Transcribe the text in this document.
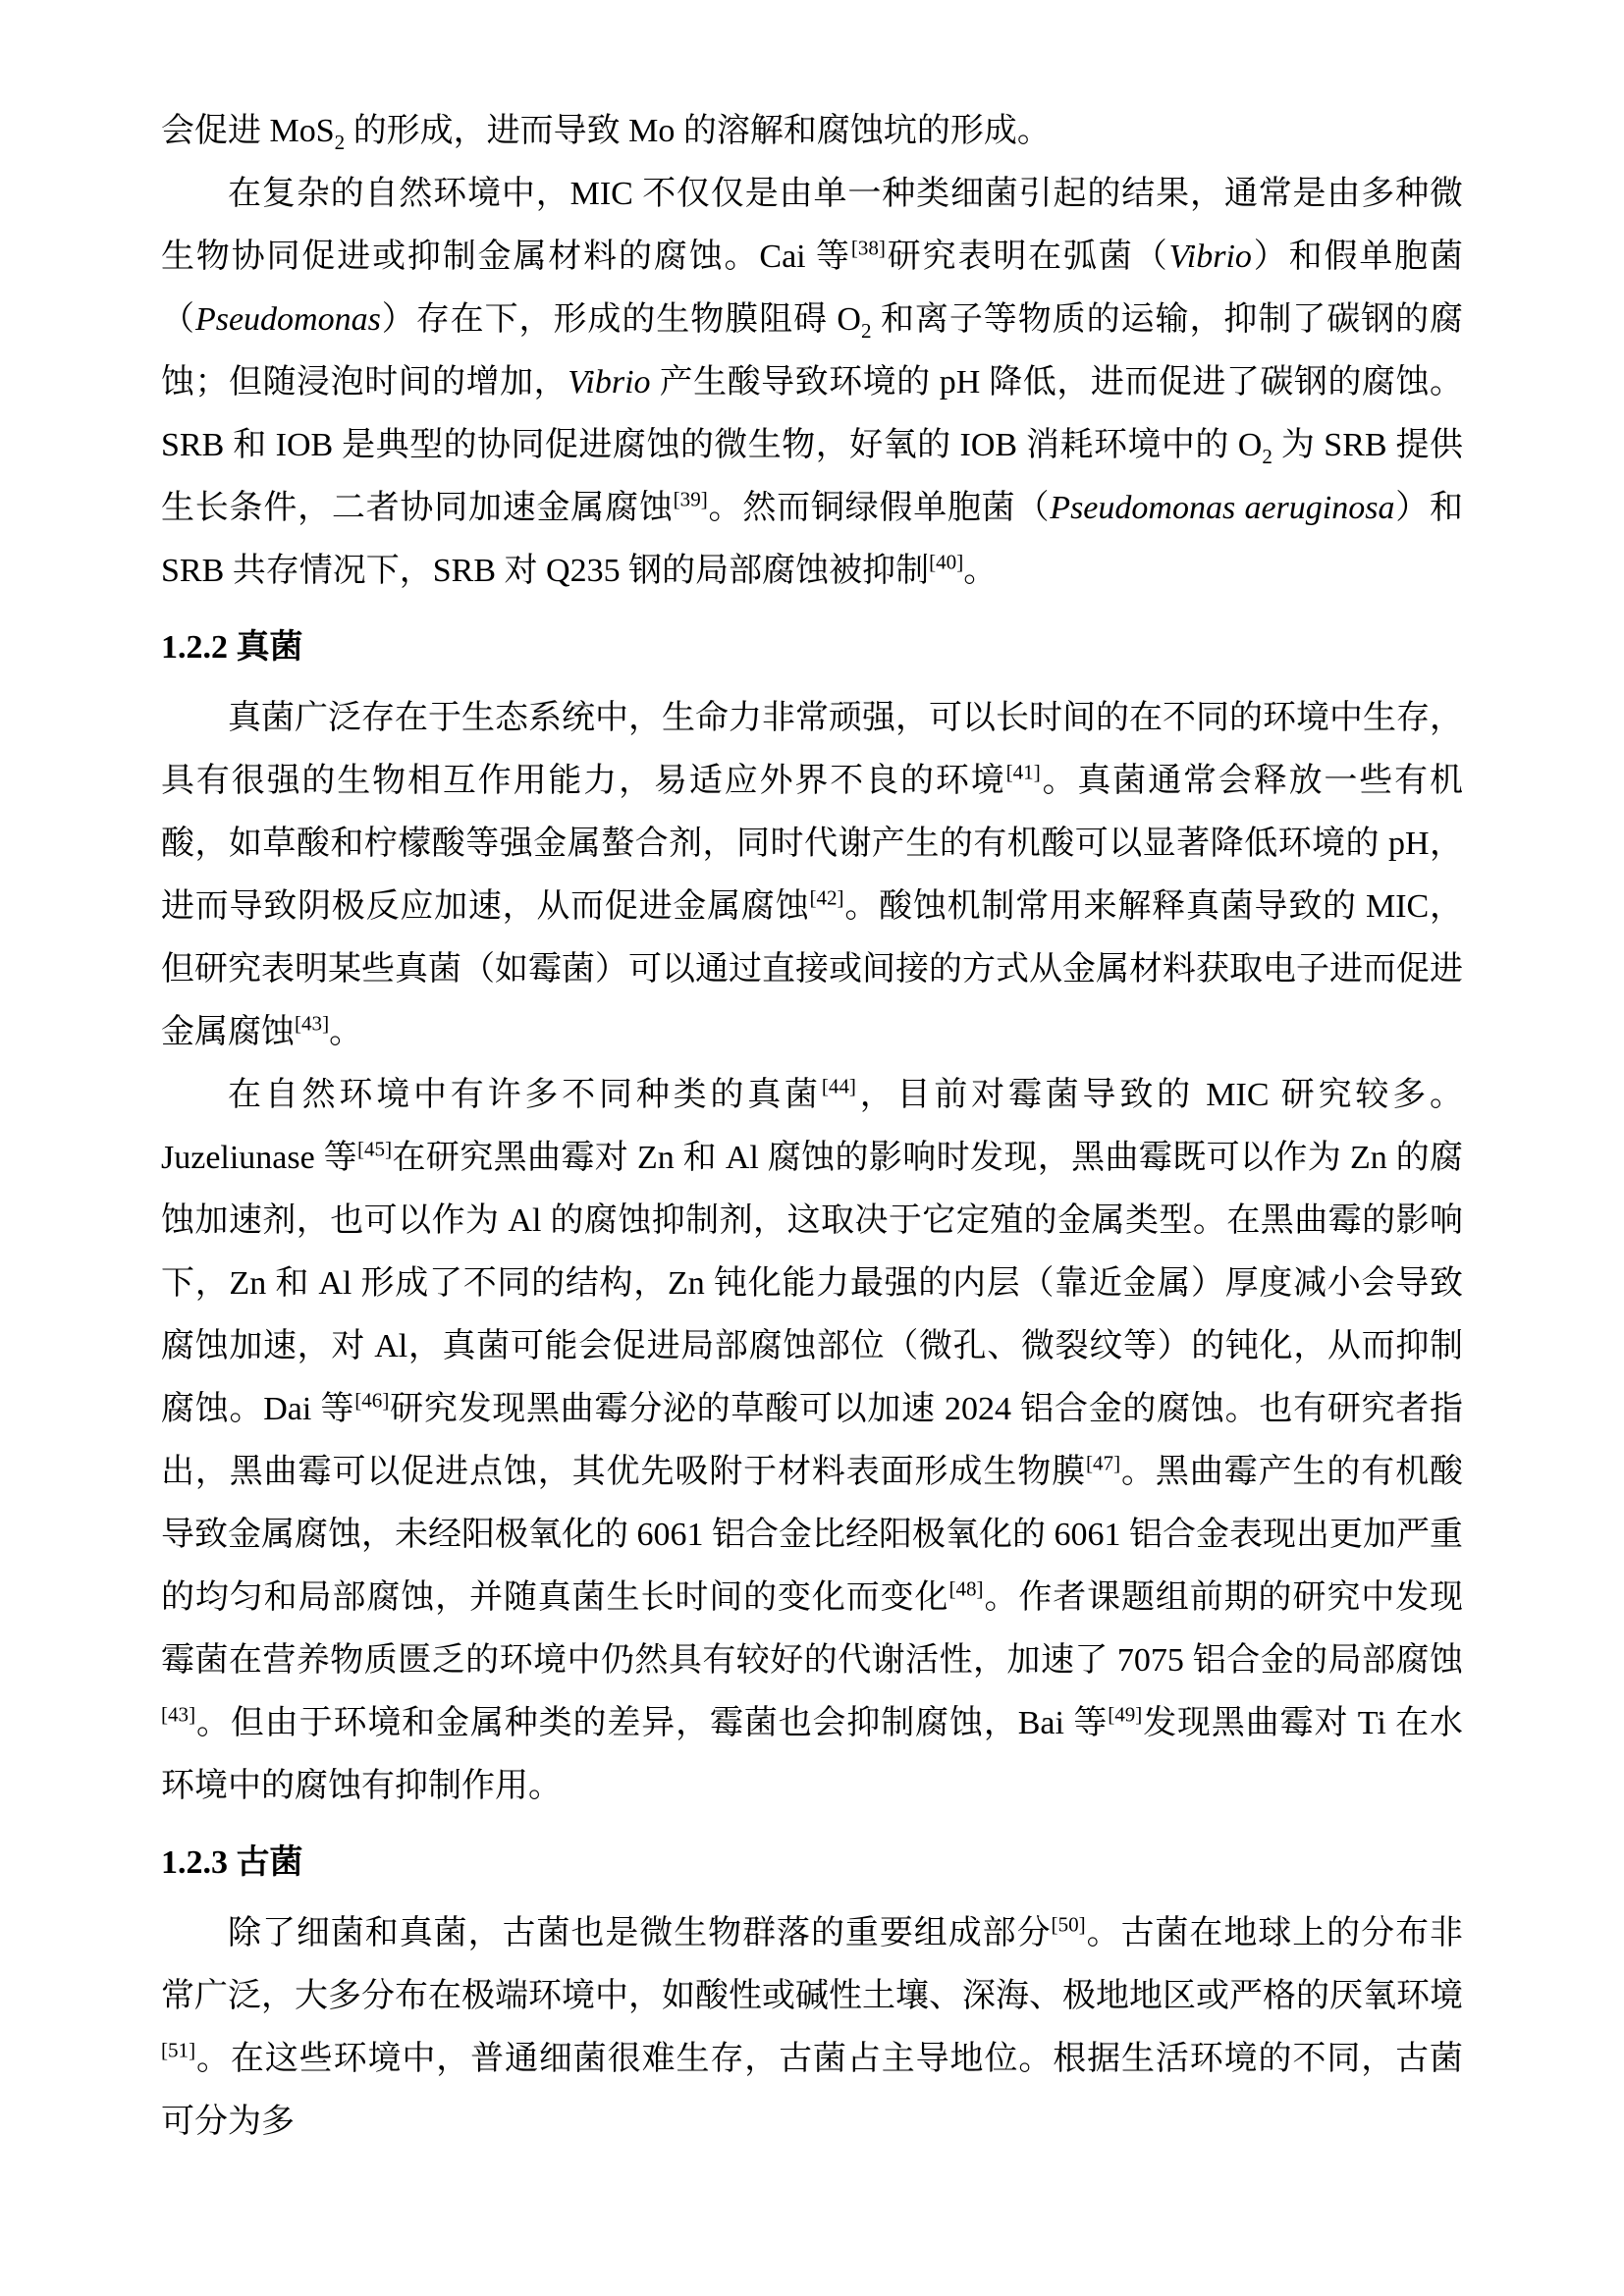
会促进 MoS$_2$ 的形成，进而导致 Mo 的溶解和腐蚀坑的形成。

在复杂的自然环境中，MIC 不仅仅是由单一种类细菌引起的结果，通常是由多种微生物协同促进或抑制金属材料的腐蚀。Cai 等[38]研究表明在弧菌（Vibrio）和假单胞菌（Pseudomonas）存在下，形成的生物膜阻碍 $O_2$ 和离子等物质的运输，抑制了碳钢的腐蚀；但随浸泡时间的增加，Vibrio 产生酸导致环境的 pH 降低，进而促进了碳钢的腐蚀。SRB 和 IOB 是典型的协同促进腐蚀的微生物，好氧的 IOB 消耗环境中的 $O_2$ 为 SRB 提供生长条件，二者协同加速金属腐蚀[39]。然而铜绿假单胞菌（Pseudomonas aeruginosa）和 SRB 共存情况下，SRB 对 Q235 钢的局部腐蚀被抑制[40]。

1.2.2 真菌

真菌广泛存在于生态系统中，生命力非常顽强，可以长时间的在不同的环境中生存，具有很强的生物相互作用能力，易适应外界不良的环境[41]。真菌通常会释放一些有机酸，如草酸和柠檬酸等强金属螯合剂，同时代谢产生的有机酸可以显著降低环境的 pH，进而导致阴极反应加速，从而促进金属腐蚀[42]。酸蚀机制常用来解释真菌导致的 MIC，但研究表明某些真菌（如霉菌）可以通过直接或间接的方式从金属材料获取电子进而促进金属腐蚀[43]。

在自然环境中有许多不同种类的真菌[44]，目前对霉菌导致的 MIC 研究较多。Juzeliunase 等[45]在研究黑曲霉对 Zn 和 Al 腐蚀的影响时发现，黑曲霉既可以作为 Zn 的腐蚀加速剂，也可以作为 Al 的腐蚀抑制剂，这取决于它定殖的金属类型。在黑曲霉的影响下，Zn 和 Al 形成了不同的结构，Zn 钝化能力最强的内层（靠近金属）厚度减小会导致腐蚀加速，对 Al，真菌可能会促进局部腐蚀部位（微孔、微裂纹等）的钝化，从而抑制腐蚀。Dai 等[46]研究发现黑曲霉分泌的草酸可以加速 2024 铝合金的腐蚀。也有研究者指出，黑曲霉可以促进点蚀，其优先吸附于材料表面形成生物膜[47]。黑曲霉产生的有机酸导致金属腐蚀，未经阳极氧化的 6061 铝合金比经阳极氧化的 6061 铝合金表现出更加严重的均匀和局部腐蚀，并随真菌生长时间的变化而变化[48]。作者课题组前期的研究中发现霉菌在营养物质匮乏的环境中仍然具有较好的代谢活性，加速了 7075 铝合金的局部腐蚀[43]。但由于环境和金属种类的差异，霉菌也会抑制腐蚀，Bai 等[49]发现黑曲霉对 Ti 在水环境中的腐蚀有抑制作用。

1.2.3 古菌

除了细菌和真菌，古菌也是微生物群落的重要组成部分[50]。古菌在地球上的分布非常广泛，大多分布在极端环境中，如酸性或碱性土壤、深海、极地地区或严格的厌氧环境[51]。在这些环境中，普通细菌很难生存，古菌占主导地位。根据生活环境的不同，古菌可分为多
